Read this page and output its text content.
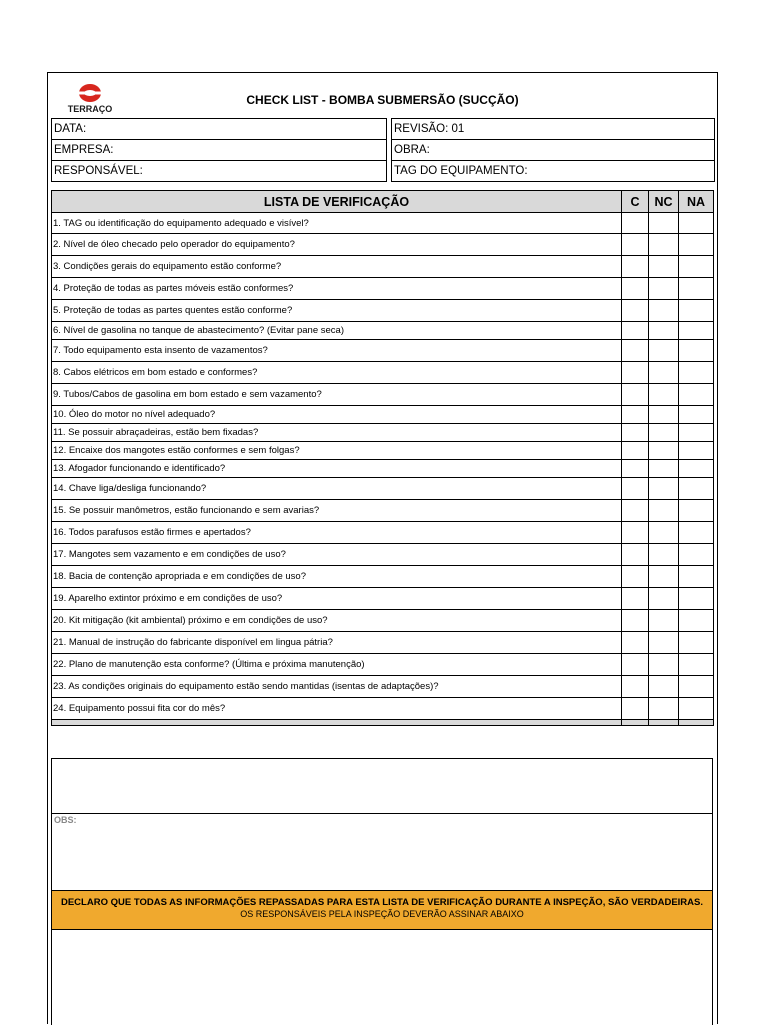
TERRAÇO
CHECK LIST - BOMBA SUBMERSÃO (SUCÇÃO)
DATA:		REVISÃO: 01
EMPRESA:		OBRA:
RESPONSÁVEL:		TAG DO EQUIPAMENTO:
LISTA DE VERIFICAÇÃO	C	NC	NA
1. TAG ou identificação do equipamento adequado e visível?			
2. Nível de óleo checado pelo operador do equipamento?			
3. Condições gerais do equipamento estão conforme?			
4. Proteção de todas as partes móveis estão conformes?			
5. Proteção de todas as partes quentes estão conforme?			
6. Nível de gasolina no tanque de abastecimento? (Evitar pane seca)			
7. Todo equipamento esta insento de vazamentos?			
8. Cabos elétricos em bom estado e conformes?			
9. Tubos/Cabos de gasolina em bom estado e sem vazamento?			
10. Óleo do motor no nível adequado?			
11. Se possuir abraçadeiras, estão bem fixadas?			
12. Encaixe dos mangotes estão conformes e sem folgas?			
13. Afogador funcionando e identificado?			
14. Chave liga/desliga funcionando?			
15. Se possuir manômetros, estão funcionando e sem avarias?			
16. Todos parafusos estão firmes e apertados?			
17. Mangotes sem vazamento e em condições de uso?			
18. Bacia de contenção apropriada e em condições de uso?			
19. Aparelho extintor próximo e em condições de uso?			
20. Kit mitigação (kit ambiental) próximo e em condições de uso?			
21. Manual de instrução do fabricante disponível em lingua pátria?			
22. Plano de manutenção esta conforme? (Última e próxima manutenção)			
23. As condições originais do equipamento estão sendo mantidas (isentas de adaptações)?			
24. Equipamento possui fita cor do mês?			

OBS:
DECLARO QUE TODAS AS INFORMAÇÕES REPASSADAS PARA ESTA LISTA DE VERIFICAÇÃO DURANTE A INSPEÇÃO, SÃO VERDADEIRAS.
OS RESPONSÁVEIS PELA INSPEÇÃO DEVERÃO ASSINAR ABAIXO
